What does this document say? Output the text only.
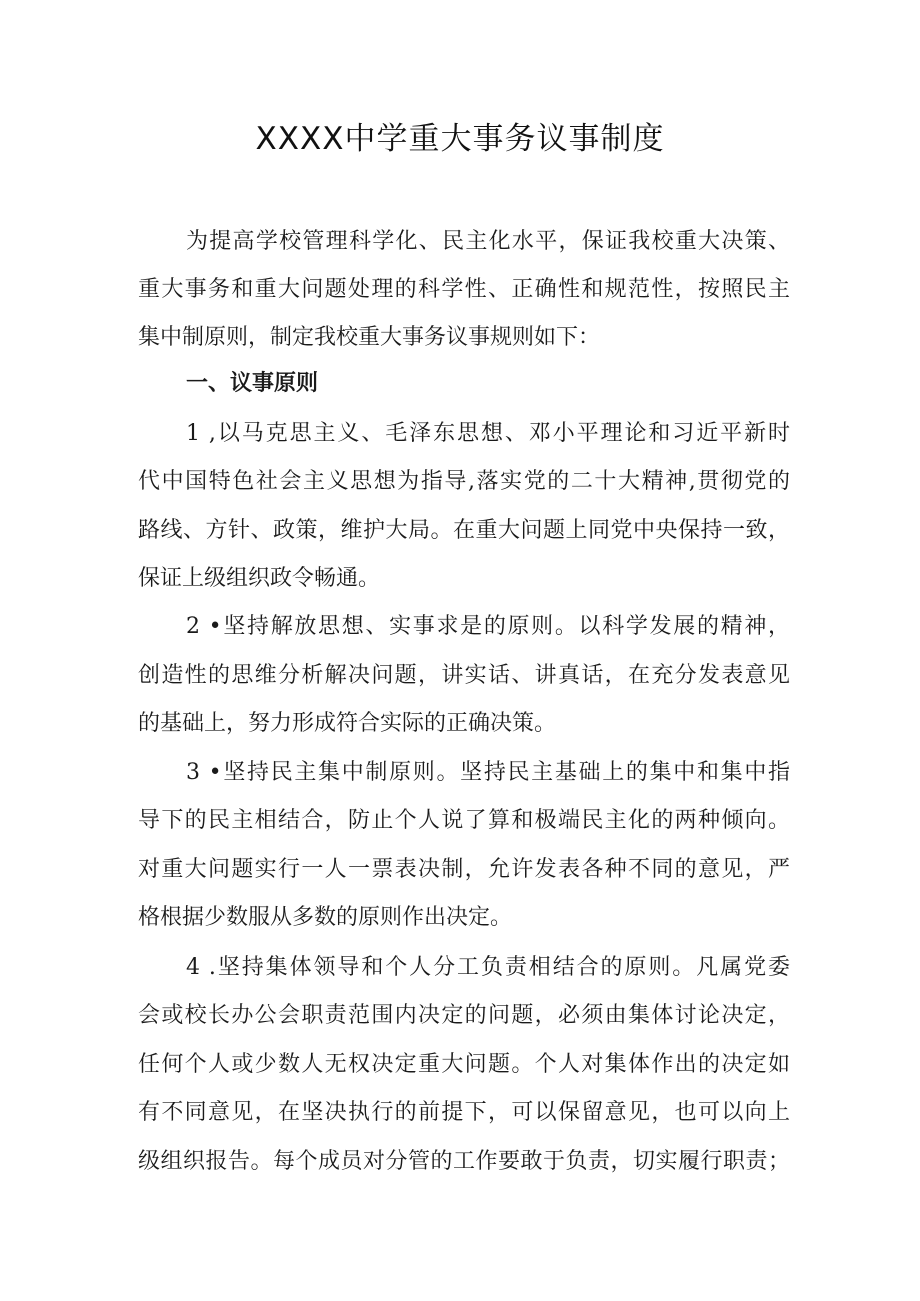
XXXX中学重大事务议事制度
为提高学校管理科学化、民主化水平，保证我校重大决策、
重大事务和重大问题处理的科学性、正确性和规范性，按照民主
集中制原则，制定我校重大事务议事规则如下：
一、议事原则
1 ,以马克思主义、毛泽东思想、邓小平理论和习近平新时
代中国特色社会主义思想为指导,落实党的二十大精神,贯彻党的
路线、方针、政策，维护大局。在重大问题上同党中央保持一致，
保证上级组织政令畅通。
2 •坚持解放思想、实事求是的原则。以科学发展的精神，
创造性的思维分析解决问题，讲实话、讲真话，在充分发表意见
的基础上，努力形成符合实际的正确决策。
3 •坚持民主集中制原则。坚持民主基础上的集中和集中指
导下的民主相结合，防止个人说了算和极端民主化的两种倾向。
对重大问题实行一人一票表决制，允许发表各种不同的意见，严
格根据少数服从多数的原则作出决定。
4 .坚持集体领导和个人分工负责相结合的原则。凡属党委
会或校长办公会职责范围内决定的问题，必须由集体讨论决定，
任何个人或少数人无权决定重大问题。个人对集体作出的决定如
有不同意见，在坚决执行的前提下，可以保留意见，也可以向上
级组织报告。每个成员对分管的工作要敢于负责，切实履行职责；
